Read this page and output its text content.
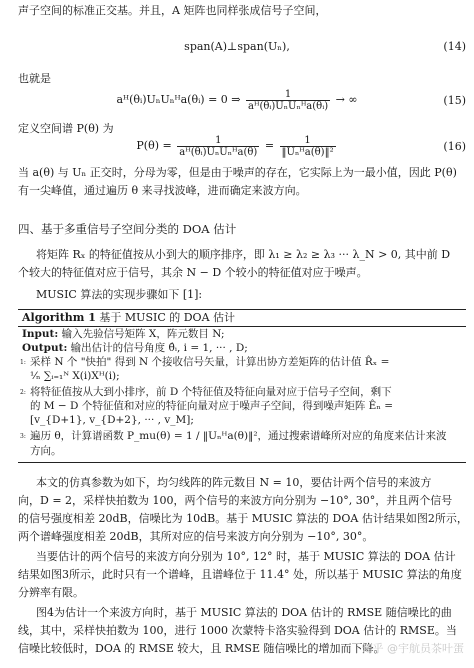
声子空间的标准正交基。并且，A 矩阵也同样张成信号子空间，
span(A)⊥span(Uₙ),	(14)
也就是
aᴴ(θᵢ)UₙUₙᴴa(θᵢ) = 0 ⇒ $\frac{1}{\text{aᴴ(θᵢ)UₙUₙᴴa(θᵢ)}}$ → ∞	(15)
定义空间谱 P(θ) 为
$P(\theta) = \frac{1}{\text{aᴴ(θᵢ)UₙUₙᴴa(θ)}} = \frac{1}{\text{‖Uₙᴴa(θ)‖²}}$	(16)
当 a(θ) 与 Uₙ 正交时，分母为零，但是由于噪声的存在，它实际上为一最小值，因此 P(θ)
有一尖峰值，通过遍历 θ 来寻找波峰，进而确定来波方向。
四、基于多重信号子空间分类的 DOA 估计
将矩阵 Rₓ 的特征值按从小到大的顺序排序，即 λ₁ ≥ λ₂ ≥ λ₃ ··· λ_N > 0, 其中前 D
个较大的特征值对应于信号，其余 N − D 个较小的特征值对应于噪声。
MUSIC 算法的实现步骤如下 [1]:
Algorithm 1 基于 MUSIC 的 DOA 估计
Input: 输入先验信号矩阵 X，阵元数目 N;
Output: 输出估计的信号角度 θ̂ᵢ, i = 1, ··· , D;
1: 采样 N 个 "快拍" 得到 N 个接收信号矢量，计算出协方差矩阵的估计值 R̂ₓ =
¹⁄ₙ ∑ᵢ₌₁ᴺ X(i)Xᴴ(i);
2: 将特征值按从大到小排序，前 D 个特征值及特征向量对应于信号子空间，剩下
的 M − D 个特征值和对应的特征向量对应于噪声子空间，得到噪声矩阵 Êₙ =
[v_{D+1}, v_{D+2}, ··· , v_M];
3: 遍历 θ，计算谱函数 P_mu(θ) = 1 / ‖Uₙᴴa(θ)‖²，通过搜索谱峰所对应的角度来估计来波
方向。
本文的仿真参数为如下，均匀线阵的阵元数目 N = 10，要估计两个信号的来波方
向，D = 2，采样快拍数为 100，两个信号的来波方向分别为 −10°, 30°，并且两个信号
的信号强度相差 20dB，信噪比为 10dB。基于 MUSIC 算法的 DOA 估计结果如图2所示，
两个谱峰强度相差 20dB，其所对应的信号来波方向分别为 −10°, 30°。
当要估计的两个信号的来波方向分别为 10°, 12° 时，基于 MUSIC 算法的 DOA 估计
结果如图3所示，此时只有一个谱峰，且谱峰位于 11.4° 处，所以基于 MUSIC 算法的角度
分辨率有限。
图4为估计一个来波方向时，基于 MUSIC 算法的 DOA 估计的 RMSE 随信噪比的曲
线，其中，采样快拍数为 100，进行 1000 次蒙特卡洛实验得到 DOA 估计的 RMSE。当
信噪比较低时，DOA 的 RMSE 较大，且 RMSE 随信噪比的增加而下降。
知乎 @宇航员茶叶蛋
